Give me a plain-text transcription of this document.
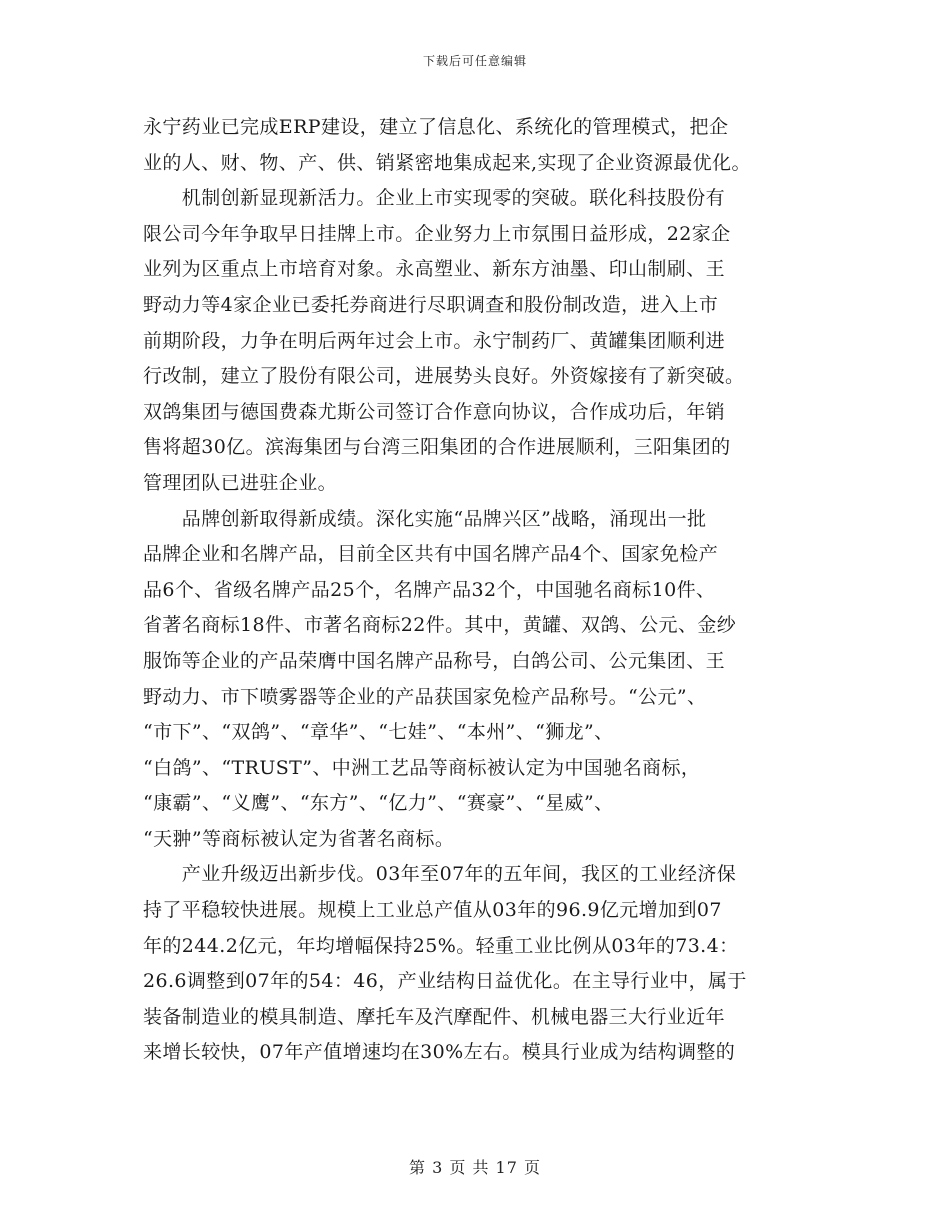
下载后可任意编辑
永宁药业已完成ERP建设，建立了信息化、系统化的管理模式，把企
业的人、财、物、产、供、销紧密地集成起来,实现了企业资源最优化。
　　机制创新显现新活力。企业上市实现零的突破。联化科技股份有
限公司今年争取早日挂牌上市。企业努力上市氛围日益形成，22家企
业列为区重点上市培育对象。永高塑业、新东方油墨、印山制刷、王
野动力等4家企业已委托券商进行尽职调查和股份制改造，进入上市
前期阶段，力争在明后两年过会上市。永宁制药厂、黄罐集团顺利进
行改制，建立了股份有限公司，进展势头良好。外资嫁接有了新突破。
双鸽集团与德国费森尤斯公司签订合作意向协议，合作成功后，年销
售将超30亿。滨海集团与台湾三阳集团的合作进展顺利，三阳集团的
管理团队已进驻企业。
　　品牌创新取得新成绩。深化实施“品牌兴区”战略，涌现出一批
品牌企业和名牌产品，目前全区共有中国名牌产品4个、国家免检产
品6个、省级名牌产品25个，名牌产品32个，中国驰名商标10件、
省著名商标18件、市著名商标22件。其中，黄罐、双鸽、公元、金纱
服饰等企业的产品荣膺中国名牌产品称号，白鸽公司、公元集团、王
野动力、市下喷雾器等企业的产品获国家免检产品称号。“公元”、
“市下”、“双鸽”、“章华”、“七娃”、“本州”、“狮龙”、
“白鸽”、“TRUST”、中洲工艺品等商标被认定为中国驰名商标，
“康霸”、“义鹰”、“东方”、“亿力”、“赛豪”、“星威”、
“天翀”等商标被认定为省著名商标。
　　产业升级迈出新步伐。03年至07年的五年间，我区的工业经济保
持了平稳较快进展。规模上工业总产值从03年的96.9亿元增加到07
年的244.2亿元，年均增幅保持25%。轻重工业比例从03年的73.4：
26.6调整到07年的54：46，产业结构日益优化。在主导行业中，属于
装备制造业的模具制造、摩托车及汽摩配件、机械电器三大行业近年
来增长较快，07年产值增速均在30%左右。模具行业成为结构调整的
第 3 页 共 17 页
